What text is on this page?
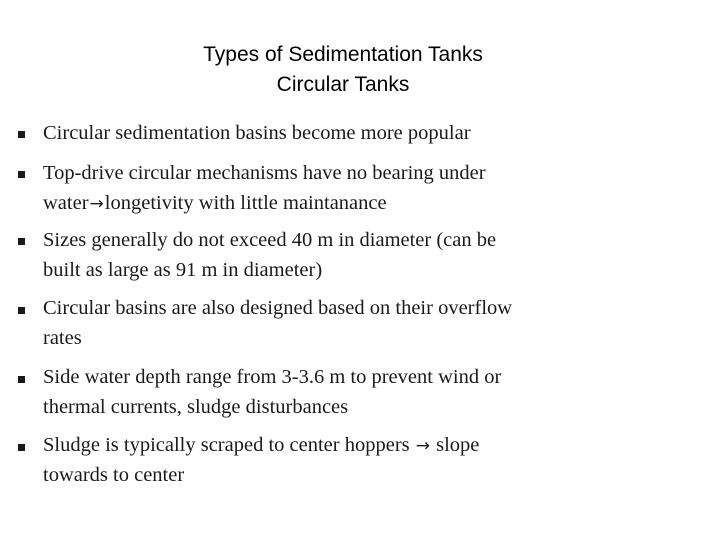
Types of Sedimentation Tanks
Circular Tanks
Circular sedimentation basins become more popular
Top-drive circular mechanisms have no bearing under
water→longetivity with little maintanance
Sizes generally do not exceed 40 m in diameter (can be
built as large as 91 m in diameter)
Circular basins are also designed based on their overflow
rates
Side water depth range from 3-3.6 m to prevent wind or
thermal currents, sludge disturbances
Sludge is typically scraped to center hoppers → slope
towards to center
